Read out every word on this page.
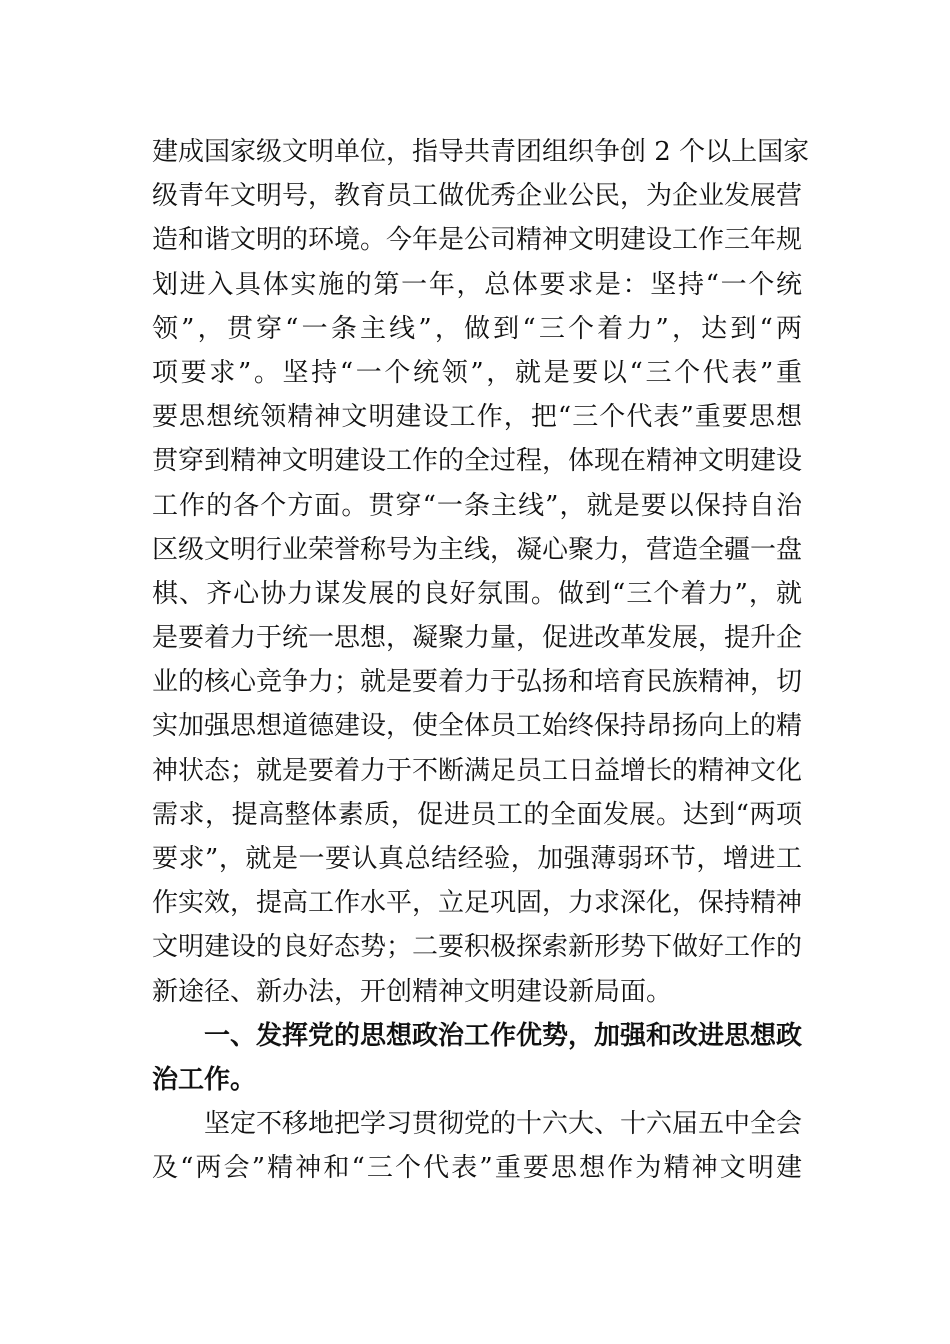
建成国家级文明单位，指导共青团组织争创 2 个以上国家
级青年文明号，教育员工做优秀企业公民，为企业发展营
造和谐文明的环境。今年是公司精神文明建设工作三年规
划进入具体实施的第一年，总体要求是：坚持“一个统
领”，贯穿“一条主线”，做到“三个着力”，达到“两
项要求”。坚持“一个统领”，就是要以“三个代表”重
要思想统领精神文明建设工作，把“三个代表”重要思想
贯穿到精神文明建设工作的全过程，体现在精神文明建设
工作的各个方面。贯穿“一条主线”，就是要以保持自治
区级文明行业荣誉称号为主线，凝心聚力，营造全疆一盘
棋、齐心协力谋发展的良好氛围。做到“三个着力”，就
是要着力于统一思想，凝聚力量，促进改革发展，提升企
业的核心竞争力；就是要着力于弘扬和培育民族精神，切
实加强思想道德建设，使全体员工始终保持昂扬向上的精
神状态；就是要着力于不断满足员工日益增长的精神文化
需求，提高整体素质，促进员工的全面发展。达到“两项
要求”，就是一要认真总结经验，加强薄弱环节，增进工
作实效，提高工作水平，立足巩固，力求深化，保持精神
文明建设的良好态势；二要积极探索新形势下做好工作的
新途径、新办法，开创精神文明建设新局面。
一、发挥党的思想政治工作优势，加强和改进思想政
治工作。
坚定不移地把学习贯彻党的十六大、十六届五中全会
及“两会”精神和“三个代表”重要思想作为精神文明建
